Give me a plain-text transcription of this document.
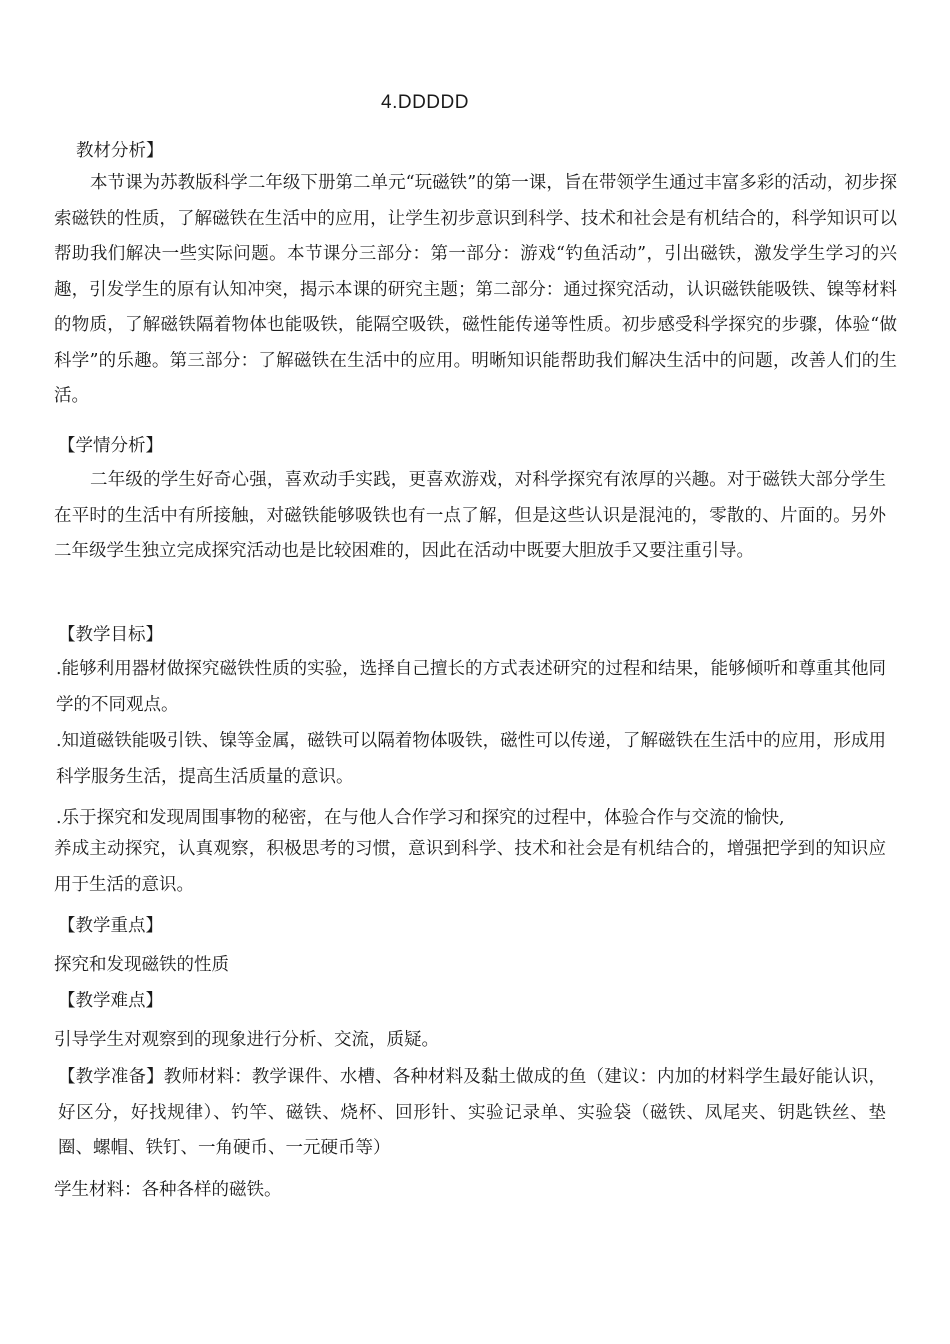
4.DDDDD
教材分析】
本节课为苏教版科学二年级下册第二单元“玩磁铁”的第一课，旨在带领学生通过丰富多彩的活动，初步探索磁铁的性质，了解磁铁在生活中的应用，让学生初步意识到科学、技术和社会是有机结合的，科学知识可以帮助我们解决一些实际问题。本节课分三部分：第一部分：游戏“钓鱼活动”，引出磁铁，激发学生学习的兴趣，引发学生的原有认知冲突，揭示本课的研究主题；第二部分：通过探究活动，认识磁铁能吸铁、镍等材料的物质，了解磁铁隔着物体也能吸铁，能隔空吸铁，磁性能传递等性质。初步感受科学探究的步骤，体验“做科学”的乐趣。第三部分：了解磁铁在生活中的应用。明晰知识能帮助我们解决生活中的问题，改善人们的生活。
【学情分析】
二年级的学生好奇心强，喜欢动手实践，更喜欢游戏，对科学探究有浓厚的兴趣。对于磁铁大部分学生在平时的生活中有所接触，对磁铁能够吸铁也有一点了解，但是这些认识是混沌的，零散的、片面的。另外二年级学生独立完成探究活动也是比较困难的，因此在活动中既要大胆放手又要注重引导。
【教学目标】
.能够利用器材做探究磁铁性质的实验，选择自己擅长的方式表述研究的过程和结果，能够倾听和尊重其他同学的不同观点。
.知道磁铁能吸引铁、镍等金属，磁铁可以隔着物体吸铁，磁性可以传递，了解磁铁在生活中的应用，形成用科学服务生活，提高生活质量的意识。
.乐于探究和发现周围事物的秘密，在与他人合作学习和探究的过程中，体验合作与交流的愉快,
养成主动探究，认真观察，积极思考的习惯，意识到科学、技术和社会是有机结合的，增强把学到的知识应用于生活的意识。
【教学重点】
探究和发现磁铁的性质
【教学难点】
引导学生对观察到的现象进行分析、交流，质疑。
【教学准备】教师材料：教学课件、水槽、各种材料及黏土做成的鱼（建议：内加的材料学生最好能认识，好区分，好找规律）、钓竿、磁铁、烧杯、回形针、实验记录单、实验袋（磁铁、凤尾夹、钥匙铁丝、垫圈、螺帽、铁钉、一角硬币、一元硬币等）
学生材料：各种各样的磁铁。
